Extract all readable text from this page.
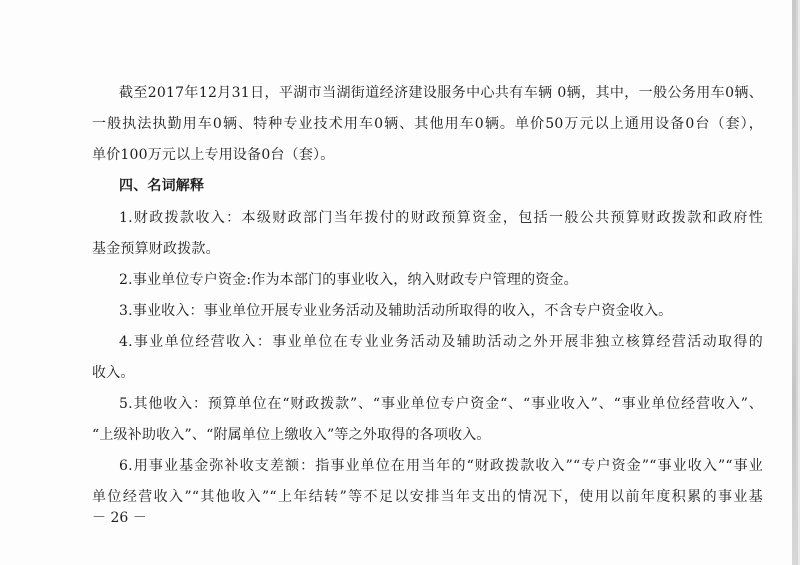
截至2017年12月31日，平湖市当湖街道经济建设服务中心共有车辆 0辆，其中，一般公务用车0辆、
一般执法执勤用车0辆、特种专业技术用车0辆、其他用车0辆。单价50万元以上通用设备0台（套），
单价100万元以上专用设备0台（套）。
四、名词解释
1.财政拨款收入：本级财政部门当年拨付的财政预算资金，包括一般公共预算财政拨款和政府性
基金预算财政拨款。
2.事业单位专户资金:作为本部门的事业收入，纳入财政专户管理的资金。
3.事业收入：事业单位开展专业业务活动及辅助活动所取得的收入，不含专户资金收入。
4.事业单位经营收入：事业单位在专业业务活动及辅助活动之外开展非独立核算经营活动取得的
收入。
5.其他收入：预算单位在“财政拨款”、“事业单位专户资金“、“事业收入”、“事业单位经营收入”、
“上级补助收入”、“附属单位上缴收入”等之外取得的各项收入。
6.用事业基金弥补收支差额：指事业单位在用当年的“财政拨款收入”“专户资金”“事业收入”“事业
单位经营收入”“其他收入”“上年结转”等不足以安排当年支出的情况下，使用以前年度积累的事业基
－ 26 －
